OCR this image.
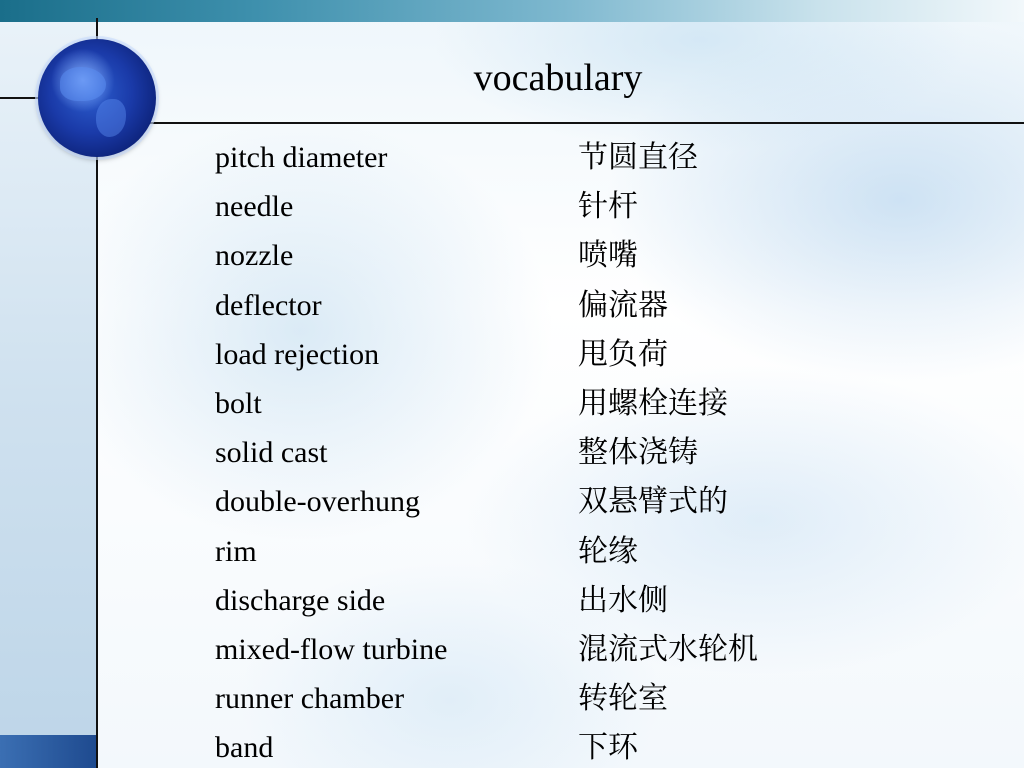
vocabulary
pitch diameter	节圆直径
needle	针杆
nozzle	喷嘴
deflector	偏流器
load rejection	甩负荷
bolt	用螺栓连接
solid cast	整体浇铸
double-overhung	双悬臂式的
rim	轮缘
discharge side	出水侧
mixed-flow turbine	混流式水轮机
runner chamber	转轮室
band	下环
